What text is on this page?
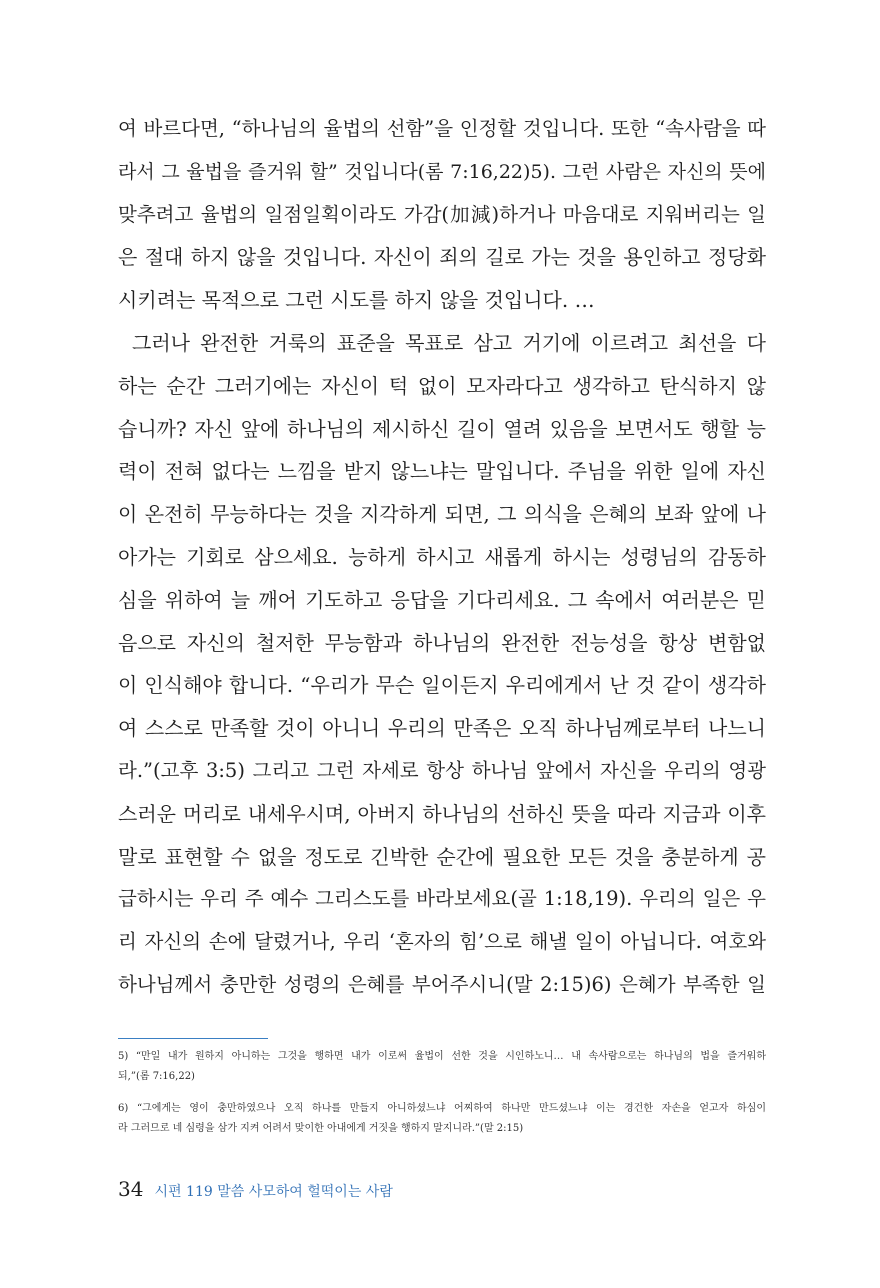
여 바르다면, “하나님의 율법의 선함”을 인정할 것입니다. 또한 “속사람을 따
라서 그 율법을 즐거워 할” 것입니다(롬 7:16,22)5). 그런 사람은 자신의 뜻에
맞추려고 율법의 일점일획이라도 가감(加減)하거나 마음대로 지워버리는 일
은 절대 하지 않을 것입니다. 자신이 죄의 길로 가는 것을 용인하고 정당화
시키려는 목적으로 그런 시도를 하지 않을 것입니다. …
그러나 완전한 거룩의 표준을 목표로 삼고 거기에 이르려고 최선을 다
하는 순간 그러기에는 자신이 턱 없이 모자라다고 생각하고 탄식하지 않
습니까? 자신 앞에 하나님의 제시하신 길이 열려 있음을 보면서도 행할 능
력이 전혀 없다는 느낌을 받지 않느냐는 말입니다. 주님을 위한 일에 자신
이 온전히 무능하다는 것을 지각하게 되면, 그 의식을 은혜의 보좌 앞에 나
아가는 기회로 삼으세요. 능하게 하시고 새롭게 하시는 성령님의 감동하
심을 위하여 늘 깨어 기도하고 응답을 기다리세요. 그 속에서 여러분은 믿
음으로 자신의 철저한 무능함과 하나님의 완전한 전능성을 항상 변함없
이 인식해야 합니다. “우리가 무슨 일이든지 우리에게서 난 것 같이 생각하
여 스스로 만족할 것이 아니니 우리의 만족은 오직 하나님께로부터 나느니
라.”(고후 3:5) 그리고 그런 자세로 항상 하나님 앞에서 자신을 우리의 영광
스러운 머리로 내세우시며, 아버지 하나님의 선하신 뜻을 따라 지금과 이후
말로 표현할 수 없을 정도로 긴박한 순간에 필요한 모든 것을 충분하게 공
급하시는 우리 주 예수 그리스도를 바라보세요(골 1:18,19). 우리의 일은 우
리 자신의 손에 달렸거나, 우리 ‘혼자의 힘’으로 해낼 일이 아닙니다. 여호와
하나님께서 충만한 성령의 은혜를 부어주시니(말 2:15)6) 은혜가 부족한 일
5) “만일 내가 원하지 아니하는 그것을 행하면 내가 이로써 율법이 선한 것을 시인하노니… 내 속사람으로는 하나님의 법을 즐거워하
되,”(롬 7:16,22)
6) “그에게는 영이 충만하였으나 오직 하나를 만들지 아니하셨느냐 어찌하여 하나만 만드셨느냐 이는 경건한 자손을 얻고자 하심이
라 그러므로 네 심령을 삼가 지켜 어려서 맞이한 아내에게 거짓을 행하지 말지니라.”(말 2:15)
34 시편 119 말씀 사모하여 헐떡이는 사람
